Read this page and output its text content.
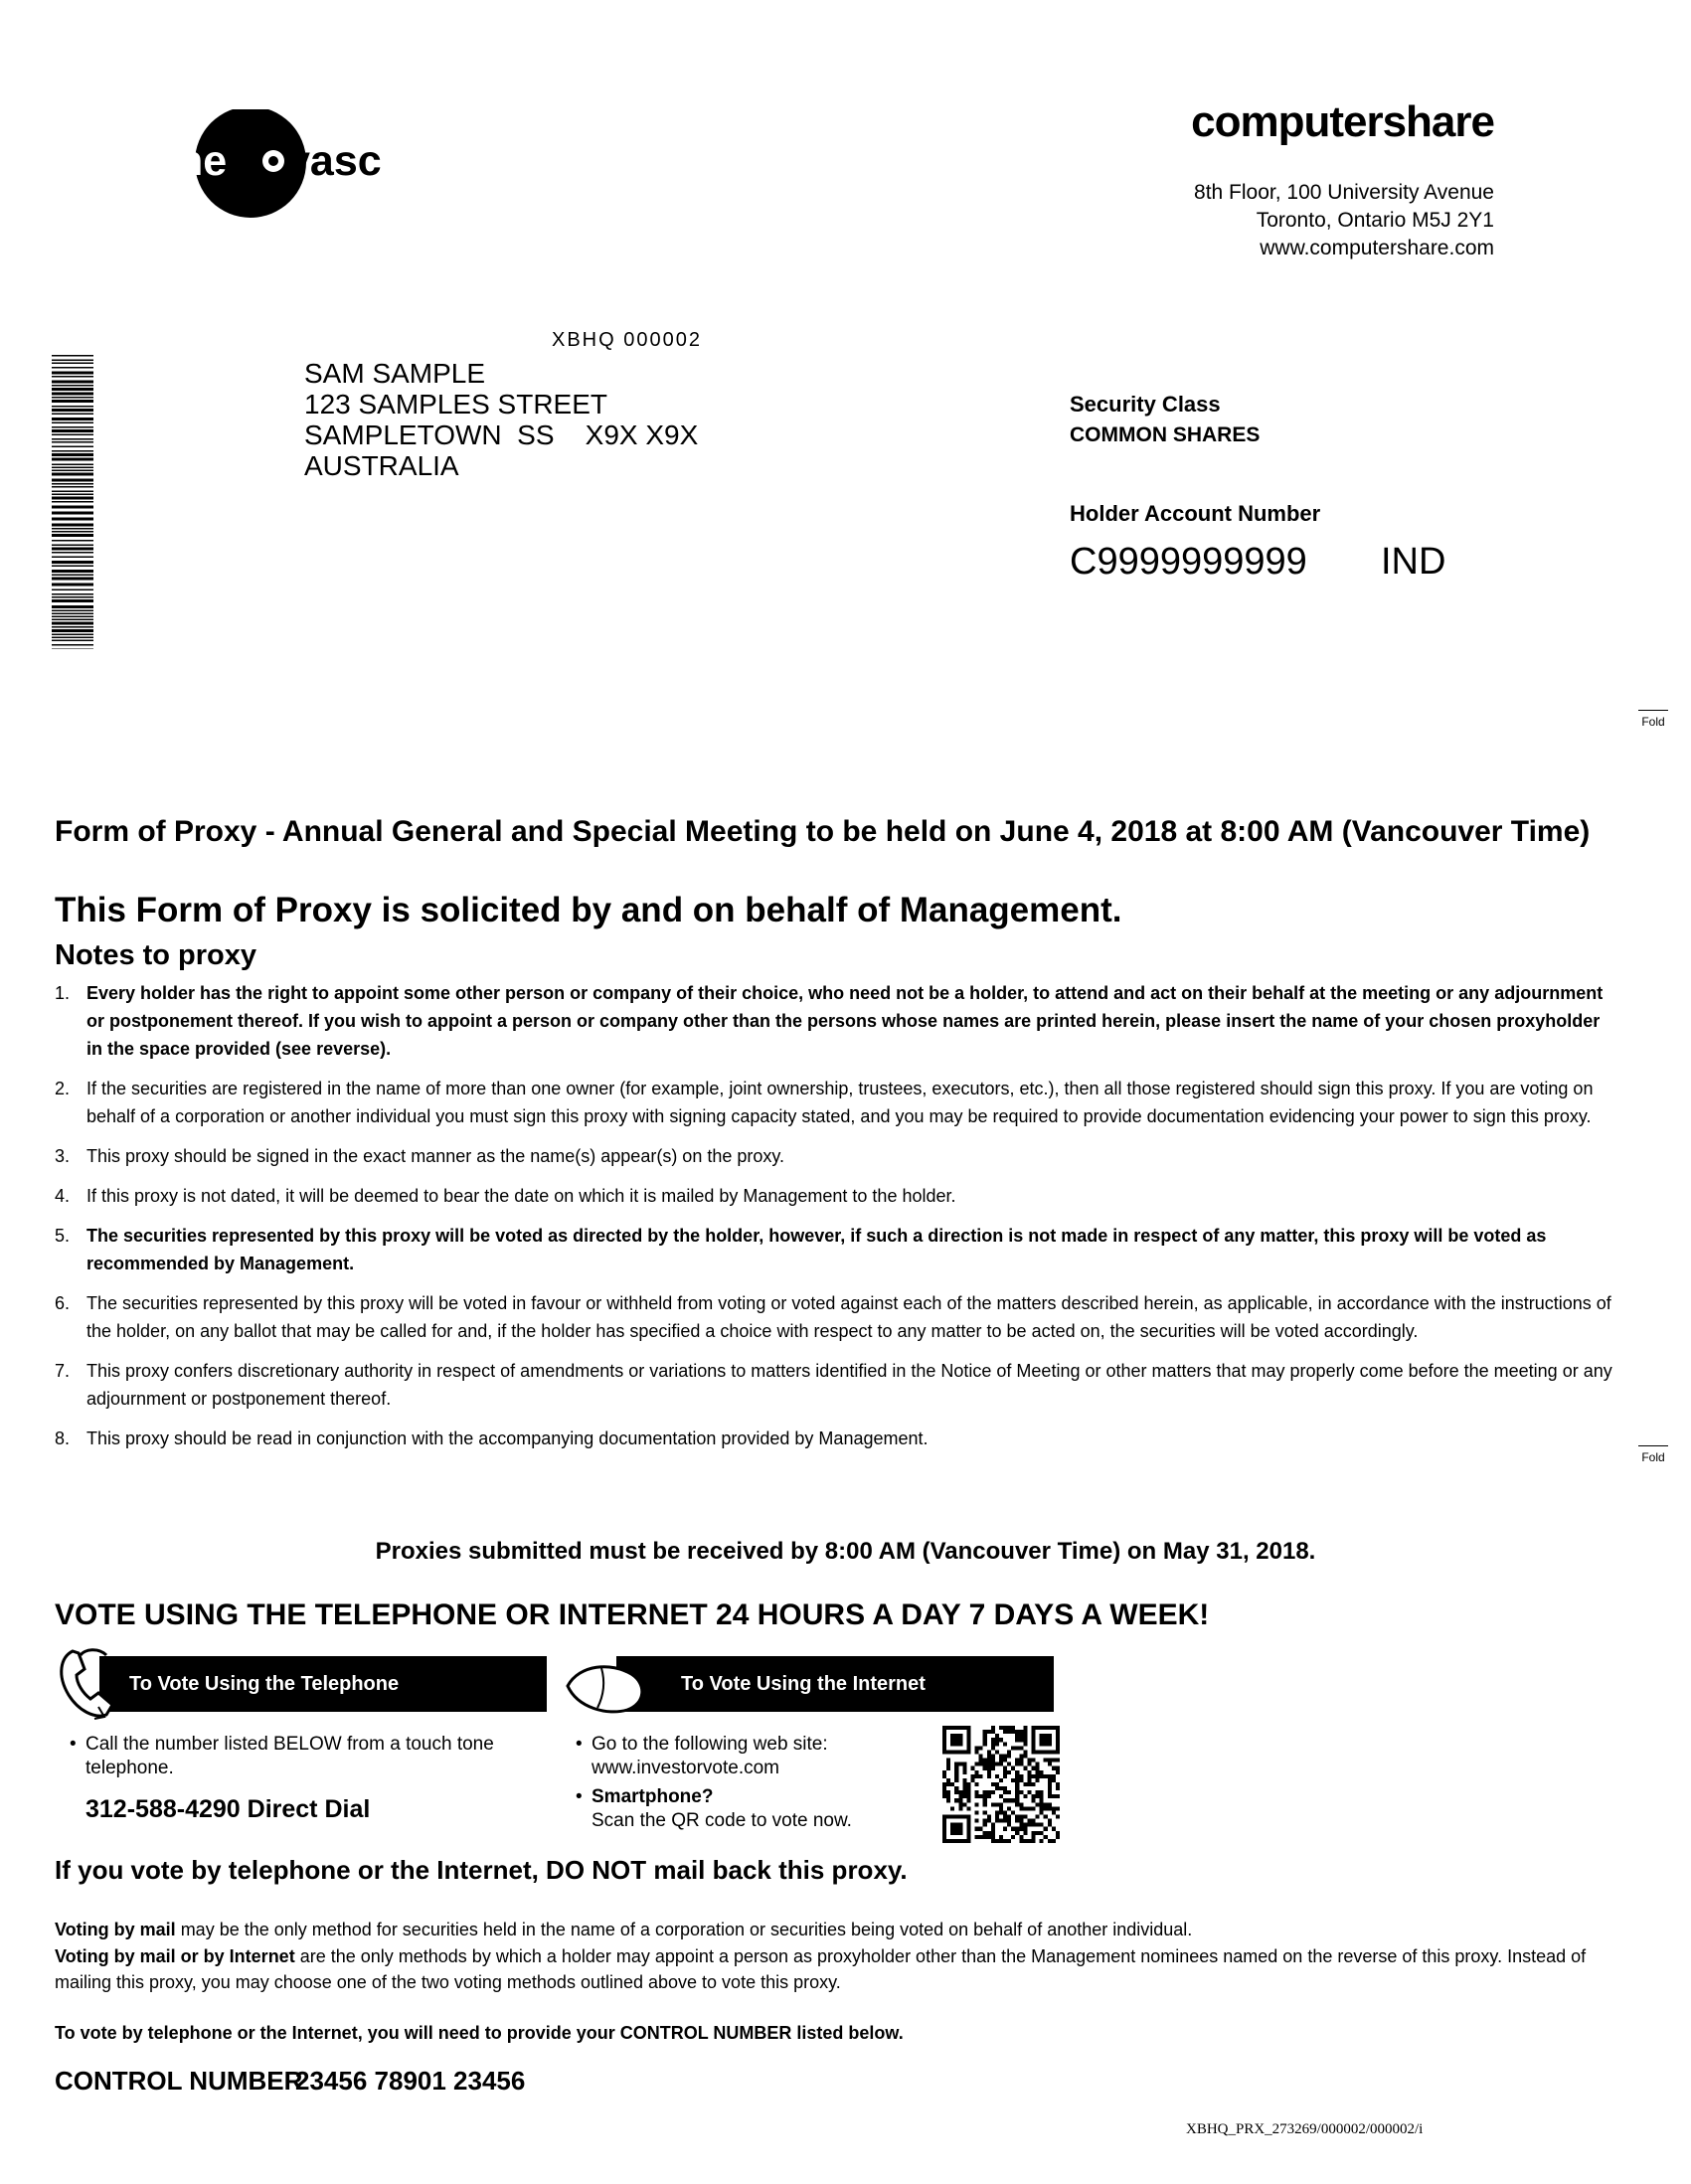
ne vasc
computershare
8th Floor, 100 University Avenue
Toronto, Ontario M5J 2Y1
www.computershare.com
XBHQ 000002
SAM SAMPLE
123 SAMPLES STREET
SAMPLETOWN  SS    X9X X9X
AUSTRALIA
Security Class
COMMON SHARES
Holder Account Number
C9999999999 IND
Fold
Fold
Form of Proxy - Annual General and Special Meeting to be held on June 4, 2018 at 8:00 AM (Vancouver Time)
This Form of Proxy is solicited by and on behalf of Management.
Notes to proxy
1. Every holder has the right to appoint some other person or company of their choice, who need not be a holder, to attend and act on their behalf at the meeting or any adjournment or postponement thereof. If you wish to appoint a person or company other than the persons whose names are printed herein, please insert the name of your chosen proxyholder in the space provided (see reverse).
2. If the securities are registered in the name of more than one owner (for example, joint ownership, trustees, executors, etc.), then all those registered should sign this proxy. If you are voting on behalf of a corporation or another individual you must sign this proxy with signing capacity stated, and you may be required to provide documentation evidencing your power to sign this proxy.
3. This proxy should be signed in the exact manner as the name(s) appear(s) on the proxy.
4. If this proxy is not dated, it will be deemed to bear the date on which it is mailed by Management to the holder.
5. The securities represented by this proxy will be voted as directed by the holder, however, if such a direction is not made in respect of any matter, this proxy will be voted as recommended by Management.
6. The securities represented by this proxy will be voted in favour or withheld from voting or voted against each of the matters described herein, as applicable, in accordance with the instructions of the holder, on any ballot that may be called for and, if the holder has specified a choice with respect to any matter to be acted on, the securities will be voted accordingly.
7. This proxy confers discretionary authority in respect of amendments or variations to matters identified in the Notice of Meeting or other matters that may properly come before the meeting or any adjournment or postponement thereof.
8. This proxy should be read in conjunction with the accompanying documentation provided by Management.
Proxies submitted must be received by 8:00 AM (Vancouver Time) on May 31, 2018.
VOTE USING THE TELEPHONE OR INTERNET 24 HOURS A DAY 7 DAYS A WEEK!
To Vote Using the Telephone
• Call the number listed BELOW from a touch tone telephone.
312-588-4290 Direct Dial
To Vote Using the Internet
• Go to the following web site:
www.investorvote.com
• Smartphone?
Scan the QR code to vote now.
If you vote by telephone or the Internet, DO NOT mail back this proxy.
Voting by mail may be the only method for securities held in the name of a corporation or securities being voted on behalf of another individual.
Voting by mail or by Internet are the only methods by which a holder may appoint a person as proxyholder other than the Management nominees named on the reverse of this proxy. Instead of mailing this proxy, you may choose one of the two voting methods outlined above to vote this proxy.
To vote by telephone or the Internet, you will need to provide your CONTROL NUMBER listed below.
CONTROL NUMBER
23456 78901 23456
XBHQ_PRX_273269/000002/000002/i
